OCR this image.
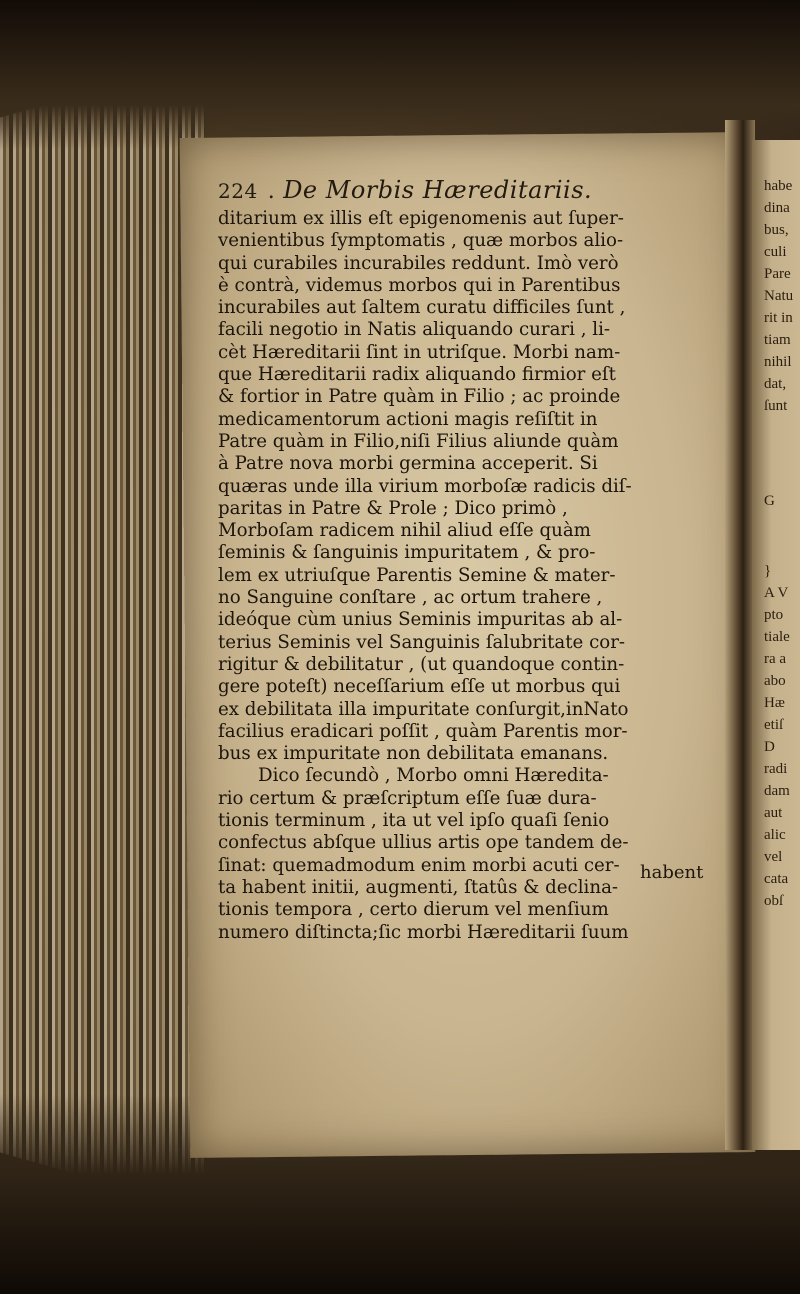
habe
dina
bus,
culi
Pare
Natu
rit in
tiam
nihil
dat,
ſunt
G
}
A V
pto
tiale
ra a
abo
Hæ
etiſ
D
radi
dam
aut
alic
vel
cata
obſ
224 . De Morbis Hæreditariis.
ditarium ex illis eſt epigenomenis aut ſuper-
venientibus ſymptomatis , quæ morbos alio-
qui curabiles incurabiles reddunt. Imò verò
è contrà, videmus morbos qui in Parentibus
incurabiles aut ſaltem curatu difficiles ſunt ,
facili negotio in Natis aliquando curari , li-
cèt Hæreditarii ſint in utriſque. Morbi nam-
que Hæreditarii radix aliquando firmior eſt
& fortior in Patre quàm in Filio ; ac proinde
medicamentorum actioni magis reſiſtit in
Patre quàm in Filio,niſi Filius aliunde quàm
à Patre nova morbi germina acceperit. Si
quæras unde illa virium morboſæ radicis diſ-
paritas in Patre & Prole ; Dico primò ,
Morboſam radicem nihil aliud eſſe quàm
ſeminis & ſanguinis impuritatem , & pro-
lem ex utriuſque Parentis Semine & mater-
no Sanguine conſtare , ac ortum trahere ,
ideóque cùm unius Seminis impuritas ab al-
terius Seminis vel Sanguinis ſalubritate cor-
rigitur & debilitatur , (ut quandoque contin-
gere poteſt) neceſſarium eſſe ut morbus qui
ex debilitata illa impuritate conſurgit,inNato
facilius eradicari poſſit , quàm Parentis mor-
bus ex impuritate non debilitata emanans.
Dico ſecundò , Morbo omni Hæredita-
rio certum & præſcriptum eſſe ſuæ dura-
tionis terminum , ita ut vel ipſo quaſi ſenio
confectus abſque ullius artis ope tandem de-
ſinat: quemadmodum enim morbi acuti cer-
ta habent initii, augmenti, ſtatûs & declina-
tionis tempora , certo dierum vel menſium
numero diſtincta;ſic morbi Hæreditarii ſuum
habent
